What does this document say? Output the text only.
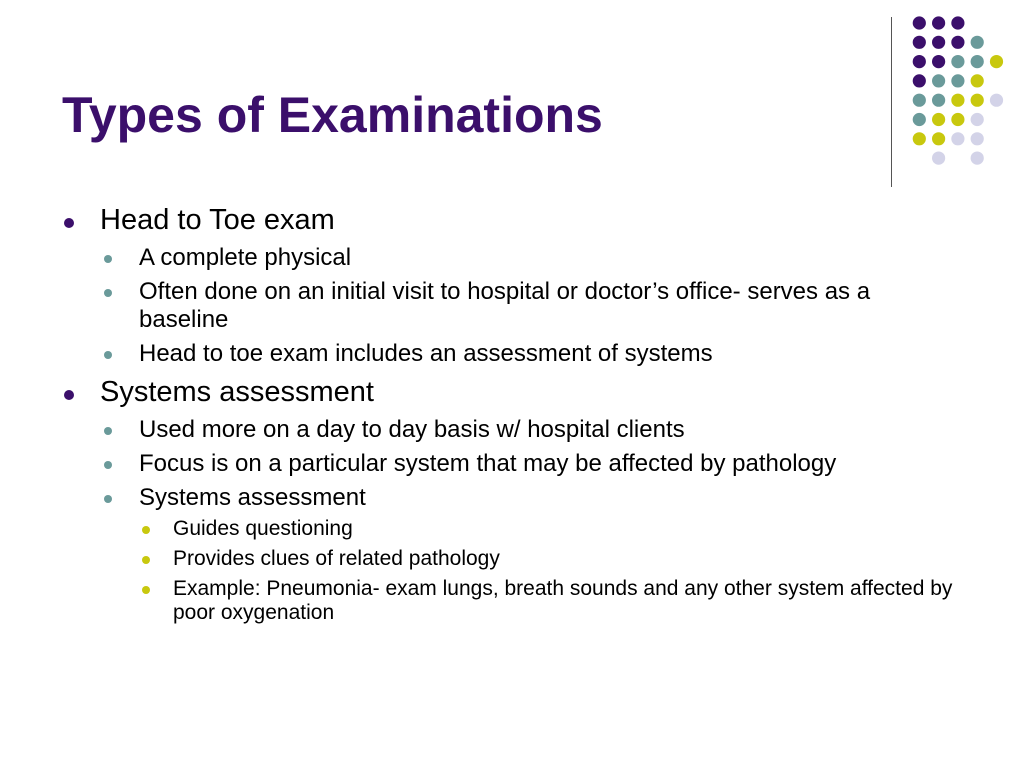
Types of Examinations
Head to Toe exam
A complete physical
Often done on an initial visit to hospital or doctor’s office- serves as a baseline
Head to toe exam includes an assessment of systems
Systems assessment
Used more on a day to day basis w/ hospital clients
Focus is on a particular system that may be affected by pathology
Systems assessment
Guides questioning
Provides clues of related pathology
Example: Pneumonia- exam lungs, breath sounds and any other system affected by poor oxygenation
